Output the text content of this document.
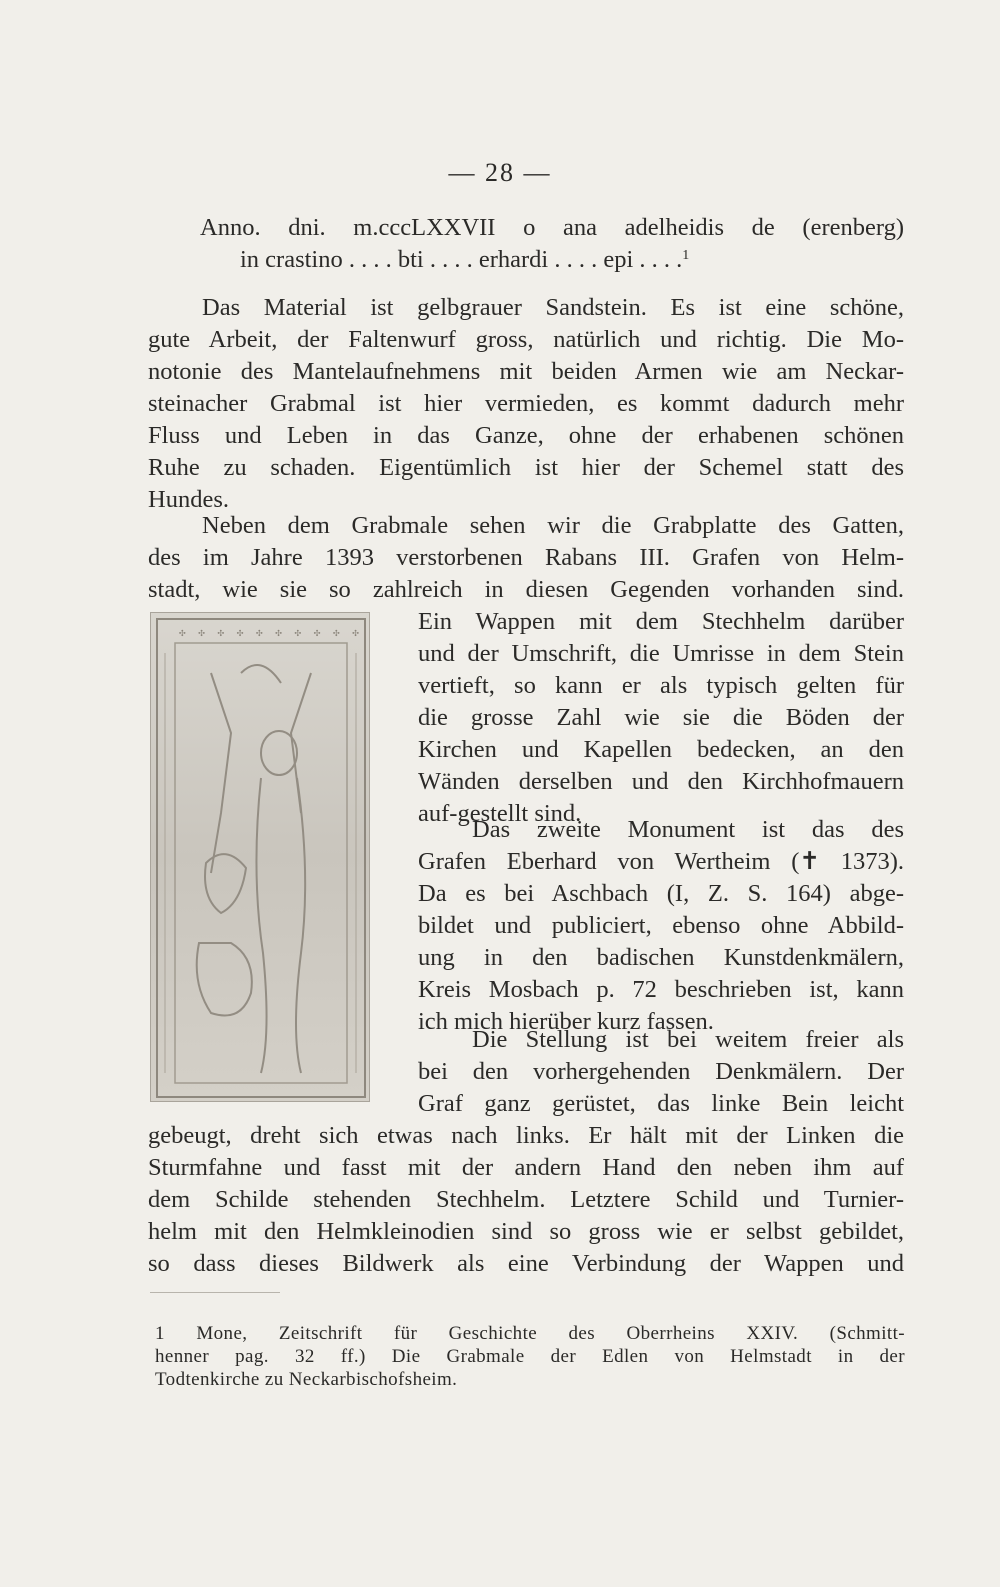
— 28 —
Anno. dni. m.cccLXXVII o ana adelheidis de (erenberg)
in crastino . . . . bti . . . . erhardi . . . . epi . . . .$^1$
Das Material ist gelbgrauer Sandstein. Es ist eine schöne,
gute Arbeit, der Faltenwurf gross, natürlich und richtig. Die Mo-
notonie des Mantelaufnehmens mit beiden Armen wie am Neckar-
steinacher Grabmal ist hier vermieden, es kommt dadurch mehr
Fluss und Leben in das Ganze, ohne der erhabenen schönen
Ruhe zu schaden. Eigentümlich ist hier der Schemel statt des
Hundes.
Neben dem Grabmale sehen wir die Grabplatte des Gatten,
des im Jahre 1393 verstorbenen Rabans III. Grafen von Helm-
stadt, wie sie so zahlreich in diesen Gegenden vorhanden sind.
Ein Wappen mit dem Stechhelm darüber
und der Umschrift, die Umrisse in dem Stein
vertieft, so kann er als typisch gelten für
die grosse Zahl wie sie die Böden der
Kirchen und Kapellen bedecken, an den
Wänden derselben und den Kirchhofmauern
auf-gestellt sind.
Das zweite Monument ist das des
Grafen Eberhard von Wertheim (✝ 1373).
Da es bei Aschbach (I, Z. S. 164) abge-
bildet und publiciert, ebenso ohne Abbild-
ung in den badischen Kunstdenkmälern,
Kreis Mosbach p. 72 beschrieben ist, kann
ich mich hierüber kurz fassen.
Die Stellung ist bei weitem freier als
bei den vorhergehenden Denkmälern. Der
Graf ganz gerüstet, das linke Bein leicht
gebeugt, dreht sich etwas nach links. Er hält mit der Linken die
Sturmfahne und fasst mit der andern Hand den neben ihm auf
dem Schilde stehenden Stechhelm. Letztere Schild und Turnier-
helm mit den Helmkleinodien sind so gross wie er selbst gebildet,
so dass dieses Bildwerk als eine Verbindung der Wappen und
✣ ✣ ✣ ✣ ✣ ✣ ✣ ✣ ✣ ✣
1 Mone, Zeitschrift für Geschichte des Oberrheins XXIV. (Schmitt-
henner pag. 32 ff.) Die Grabmale der Edlen von Helmstadt in der
Todtenkirche zu Neckarbischofsheim.
